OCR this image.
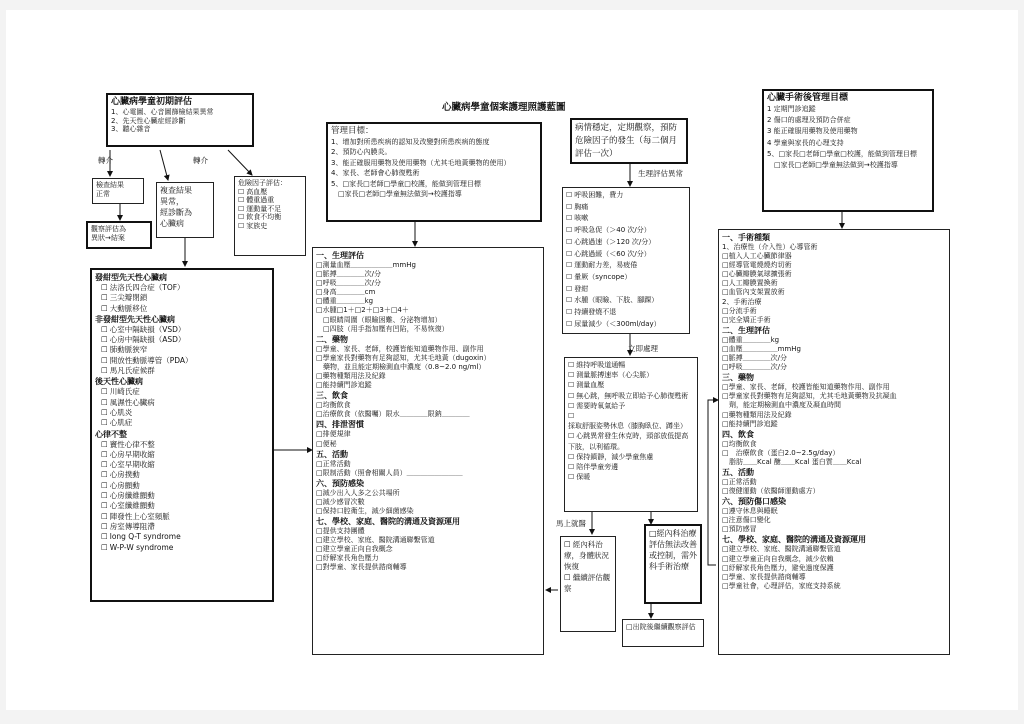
心臟病學童個案護理照護藍圖
心臟病學童初期評估
1、心電圖、心音圖篩檢結果異常
2、先天性心臟症經診斷
3、聽心雜音
轉介	轉介
檢查結果
正常
觀察評估為
異狀→結案
複查結果
異常，
經診斷為
心臟病
危險因子評估：
☐ 高血壓
☐ 體重過重
☐ 運動量不足
☐ 飲食不均衡
☐ 家族史
發紺型先天性心臟病
☐ 法洛氏四合症（TOF）
☐ 三尖瓣閉鎖
☐ 大動脈移位
非發紺型先天性心臟病
☐ 心室中隔缺損（VSD）
☐ 心房中隔缺損（ASD）
☐ 肺動脈狹窄
☐ 開放性動脈導管（PDA）
☐ 馬凡氏症候群
後天性心臟病
☐ 川崎氏症
☐ 風濕性心臟病
☐ 心肌炎
☐ 心肌症
心律不整
☐ 竇性心律不整
☐ 心房早期收縮
☐ 心室早期收縮
☐ 心房撲動
☐ 心房顫動
☐ 心房纖維顫動
☐ 心室纖維顫動
☐ 陣發性上心室頻脈
☐ 房室傳導阻滯
☐ long Q-T syndrome
☐ W-P-W syndrome
管理目標：
1、增加對所患疾病的認知及改變對所患疾病的態度
2、預防心內膜炎。
3、能正確服用藥物及使用藥物（尤其毛地黃藥物的使用）
4、家長、老師會心肺復甦術
5、□家長□老師□學童□校護，能做到管理目標
　□家長□老師□學童無法做到→校護指導
一、生理評估
□測量血壓＿＿＿＿＿＿mmHg
□脈搏＿＿＿＿次/分
□呼吸＿＿＿＿次/分
□身高＿＿＿＿cm
□體重＿＿＿＿kg
□水腫□1＋□2＋□3＋□4＋
　□眼睛周圍（眼瞼困難、分泌物增加）
　□四肢（用手指加壓有凹陷，不易恢復）
二、藥物
□學童、家長、老師，校護皆能知道藥物作用、副作用
□學童家長對藥物有足夠認知，尤其毛地黃（dugoxin）
　藥物，並且能定期檢測血中濃度（0.8~2.0 ng/ml）
□藥物種類用法及紀錄
□能持續門診追蹤
三、飲食
□均衡飲食
□治療飲食（依醫囑）限水＿＿＿＿限鈉＿＿＿＿
四、排泄習慣
□排便規律
□便秘
五、活動
□正常活動
□限制活動（照會相關人員）＿＿＿＿＿＿＿＿
六、預防感染
□減少出入人多之公共場所
□減少感冒次數
□保持口腔衛生，減少細菌感染
七、學校、家庭、醫院的溝通及資源運用
□提供支持團體
□建立學校、家庭、醫院溝通聯繫管道
□建立學童正向自我概念
□紓解家長角色壓力
□對學童、家長提供諮商輔導
病情穩定，定期觀察，預防危險因子的發生（每二個月評估一次）
生理評估異常
☐ 呼吸困難，費力
☐ 胸痛
☐ 咳嗽
☐ 呼吸急促（＞40 次/分）
☐ 心跳過速（＞120 次/分）
☐ 心跳過緩（＜60 次/分）
☐ 運動耐力差，易疲倦
☐ 暈厥（syncope）
☐ 發紺
☐ 水腫（眼瞼、下肢、腳踝）
☐ 持續發燒不退
☐ 尿量減少（＜300ml/day）
立即處理
☐ 維持呼吸道通暢
☐ 測量脈搏速率（心尖脈）
☐ 測量血壓
☐ 無心跳，無呼吸立即給予心肺復甦術
☐ 需要時氧氣給予
☐ 採取舒服姿勢休息（膝胸臥位、蹲坐）
☐ 心跳異常發生休克時，頭部放低提高下肢，以利循環。
☐ 保持鎮靜，減少學童焦慮
☐ 陪伴學童旁邊
☐ 保暖
馬上就醫
☐ 經內科治療，身體狀況恢復
☐ 繼續評估觀察
□經內科治療評估無法改善或控制，需外科手術治療
□出院後繼續觀察評估
心臟手術後管理目標
1 定期門診追蹤
2 傷口的處理及預防合併症
3 能正確服用藥物及使用藥物
4 學童與家長的心理支持
5、□家長□老師□學童□校護，能做到管理目標
　□家長□老師□學童無法做到→校護指導
一、手術種類
1、治療性（介入性）心導管術
□植入人工心臟節律器
□經導管電燒燒灼切術
□心臟瓣膜氣球擴張術
□人工瓣膜置換術
□血管內支架置放術
2、手術治療
□分流手術
□完全矯正手術
二、生理評估
□體重＿＿＿＿kg
□血壓＿＿＿＿＿mmHg
□脈搏＿＿＿＿次/分
□呼吸＿＿＿＿次/分
三、藥物
□學童、家長、老師，校護皆能知道藥物作用、副作用
□學童家長對藥物有足夠認知，尤其毛地黃藥物及抗凝血
　劑，能定期檢測血中濃度及凝血時間
□藥物種類用法及紀錄
□能持續門診追蹤
四、飲食
□均衡飲食
□　治療飲食（蛋白2.0~2.5g/day）
　脂肪＿＿Kcal 醣＿＿Kcal 蛋白質＿＿Kcal
五、活動
□正常活動
□復健運動（依醫師運動處方）
六、預防傷口感染
□遵守休息與睡眠
□注意傷口變化
□預防感冒
七、學校、家庭、醫院的溝通及資源運用
□建立學校、家庭、醫院溝通聯繫管道
□建立學童正向自我概念，減少依賴
□紓解家長角色壓力，避免過度保護
□學童、家長提供諮商輔導
□學童社會，心理評估，家庭支持系統
